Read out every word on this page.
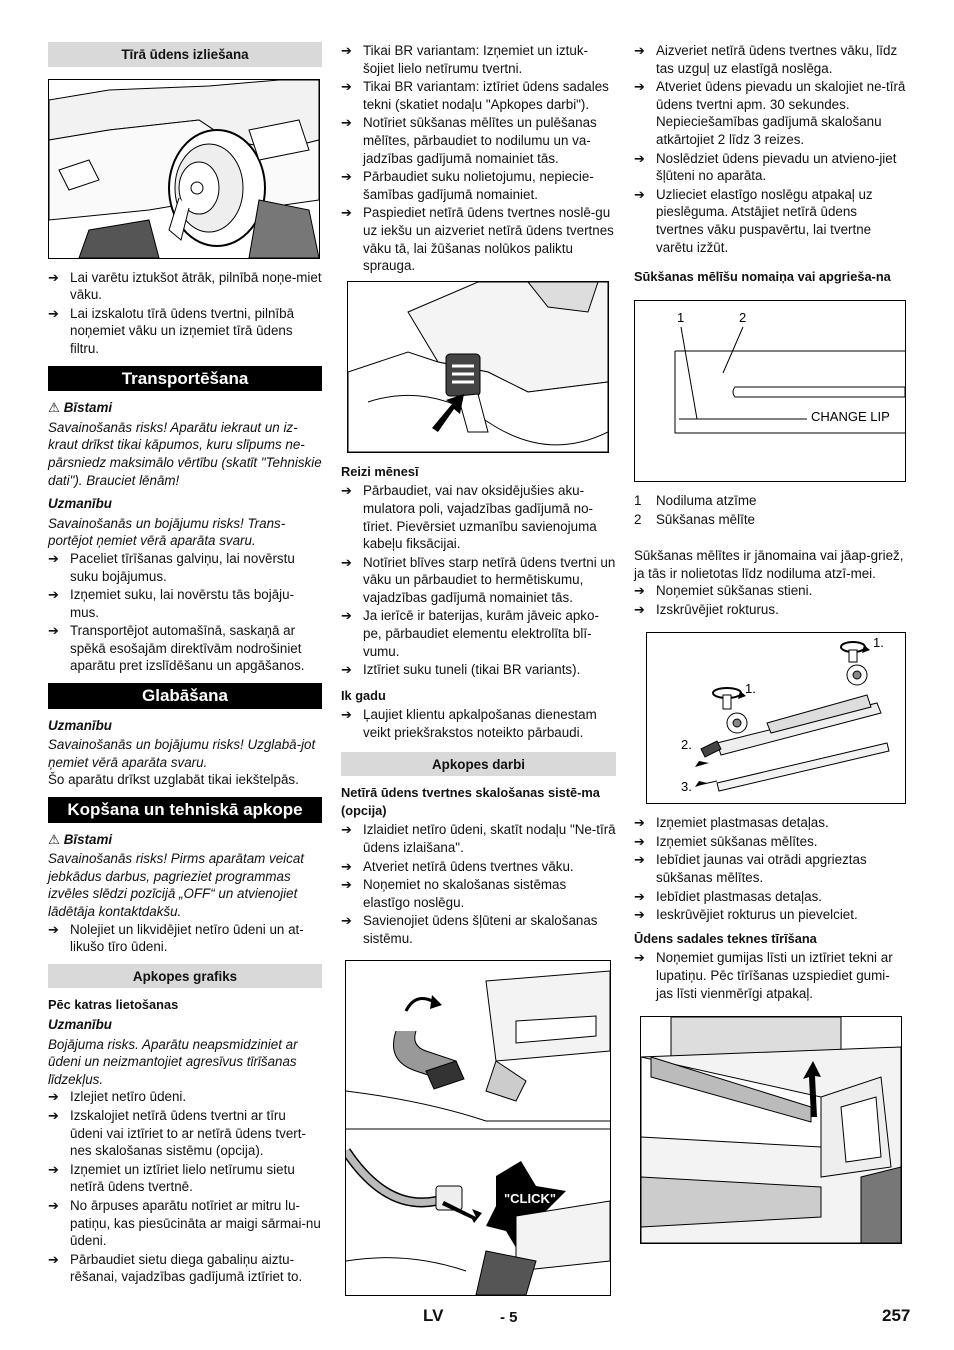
Tīrā ūdens izliešana
➔ Lai varētu iztukšot ātrāk, pilnībā noņe-miet vāku.
➔ Lai izskalotu tīrā ūdens tvertni, pilnībā noņemiet vāku un izņemiet tīrā ūdens filtru.
Transportēšana

⚠ Bīstami

Savainošanās risks! Aparātu iekraut un iz-kraut drīkst tikai kāpumos, kuru slīpums ne-pārsniedz maksimālo vērtību (skatīt "Tehniskie dati"). Brauciet lēnām!

Uzmanību

Savainošanās un bojājumu risks! Trans-portējot ņemiet vērā aparāta svaru.

➔ Paceliet tīrīšanas galviņu, lai novērstu suku bojājumus.
➔ Izņemiet suku, lai novērstu tās bojāju-mus.
➔ Transportējot automašīnā, saskaņā ar spēkā esošajām direktīvām nodrošiniet aparātu pret izslīdēšanu un apgāšanos.
Glabāšana

Uzmanību

Savainošanās un bojājumu risks! Uzglabā-jot ņemiet vērā aparāta svaru.

Šo aparātu drīkst uzglabāt tikai iekštelpās.

Kopšana un tehniskā apkope

⚠ Bīstami

Savainošanās risks! Pirms aparātam veicat jebkādus darbus, pagrieziet programmas izvēles slēdzi pozīcijā „OFF“ un atvienojiet lādētāja kontaktdakšu.

➔ Nolejiet un likvidējiet netīro ūdeni un at-likušo tīro ūdeni.
Apkopes grafiks

Pēc katras lietošanas

Uzmanību

Bojājuma risks. Aparātu neapsmidziniet ar ūdeni un neizmantojiet agresīvus tīrīšanas līdzekļus.

➔ Izlejiet netīro ūdeni.
➔ Izskalojiet netīrā ūdens tvertni ar tīru ūdeni vai iztīriet to ar netīrā ūdens tvert-nes skalošanas sistēmu (opcija).
➔ Izņemiet un iztīriet lielo netīrumu sietu netīrā ūdens tvertnē.
➔ No ārpuses aparātu notīriet ar mitru lu-patiņu, kas piesūcināta ar maigi sārmai-nu ūdeni.
➔ Pārbaudiet sietu diega gabaliņu aiztu-rēšanai, vajadzības gadījumā iztīriet to.
➔ Tikai BR variantam: Izņemiet un iztuk-šojiet lielo netīrumu tvertni.
➔ Tikai BR variantam: iztīriet ūdens sadales tekni (skatiet nodaļu "Apkopes darbi").
➔ Notīriet sūkšanas mēlītes un pulēšanas mēlītes, pārbaudiet to nodilumu un va-jadzības gadījumā nomainiet tās.
➔ Pārbaudiet suku nolietojumu, nepiecie-šamības gadījumā nomainiet.
➔ Paspiediet netīrā ūdens tvertnes noslē-gu uz iekšu un aizveriet netīrā ūdens tvertnes vāku tā, lai žūšanas nolūkos paliktu sprauga.

Reizi mēnesī

➔ Pārbaudiet, vai nav oksidējušies aku-mulatora poli, vajadzības gadījumā no-tīriet. Pievērsiet uzmanību savienojuma kabeļu fiksācijai.
➔ Notīriet blīves starp netīrā ūdens tvertni un vāku un pārbaudiet to hermētiskumu, vajadzības gadījumā nomainiet tās.
➔ Ja ierīcē ir baterijas, kurām jāveic apko-pe, pārbaudiet elementu elektrolīta blī-vumu.
➔ Iztīriet suku tuneli (tikai BR variants).

Ik gadu

➔ Ļaujiet klientu apkalpošanas dienestam veikt priekšrakstos noteikto pārbaudi.
Apkopes darbi

Netīrā ūdens tvertnes skalošanas sistē-ma (opcija)

➔ Izlaidiet netīro ūdeni, skatīt nodaļu "Ne-tīrā ūdens izlaišana".
➔ Atveriet netīrā ūdens tvertnes vāku.
➔ Noņemiet no skalošanas sistēmas elastīgo noslēgu.
➔ Savienojiet ūdens šļūteni ar skalošanas sistēmu.
"CLICK"
➔ Aizveriet netīrā ūdens tvertnes vāku, līdz tas uzguļ uz elastīgā noslēga.
➔ Atveriet ūdens pievadu un skalojiet ne-tīrā ūdens tvertni apm. 30 sekundes. Nepieciešamības gadījumā skalošanu atkārtojiet 2 līdz 3 reizes.
➔ Noslēdziet ūdens pievadu un atvieno-jiet šļūteni no aparāta.
➔ Uzlieciet elastīgo noslēgu atpakaļ uz pieslēguma. Atstājiet netīrā ūdens tvertnes vāku puspavērtu, lai tvertne varētu izžūt.

Sūkšanas mēlīšu nomaiņa vai apgrieša-na

1	2
CHANGE LIP
1 Nodiluma atzīme
2 Sūkšanas mēlīte

Sūkšanas mēlītes ir jānomaina vai jāap-griež, ja tās ir nolietotas līdz nodiluma atzī-mei.

➔ Noņemiet sūkšanas stieni.
➔ Izskrūvējiet rokturus.
1.
1.
2.
3.
➔ Izņemiet plastmasas detaļas.
➔ Izņemiet sūkšanas mēlītes.
➔ Iebīdiet jaunas vai otrādi apgrieztas sūkšanas mēlītes.
➔ Iebīdiet plastmasas detaļas.
➔ Ieskrūvējiet rokturus un pievelciet.

Ūdens sadales teknes tīrīšana

➔ Noņemiet gumijas līsti un iztīriet tekni ar lupatiņu. Pēc tīrīšanas uzspiediet gumi-jas līsti vienmērīgi atpakaļ.
LV	- 5	257
